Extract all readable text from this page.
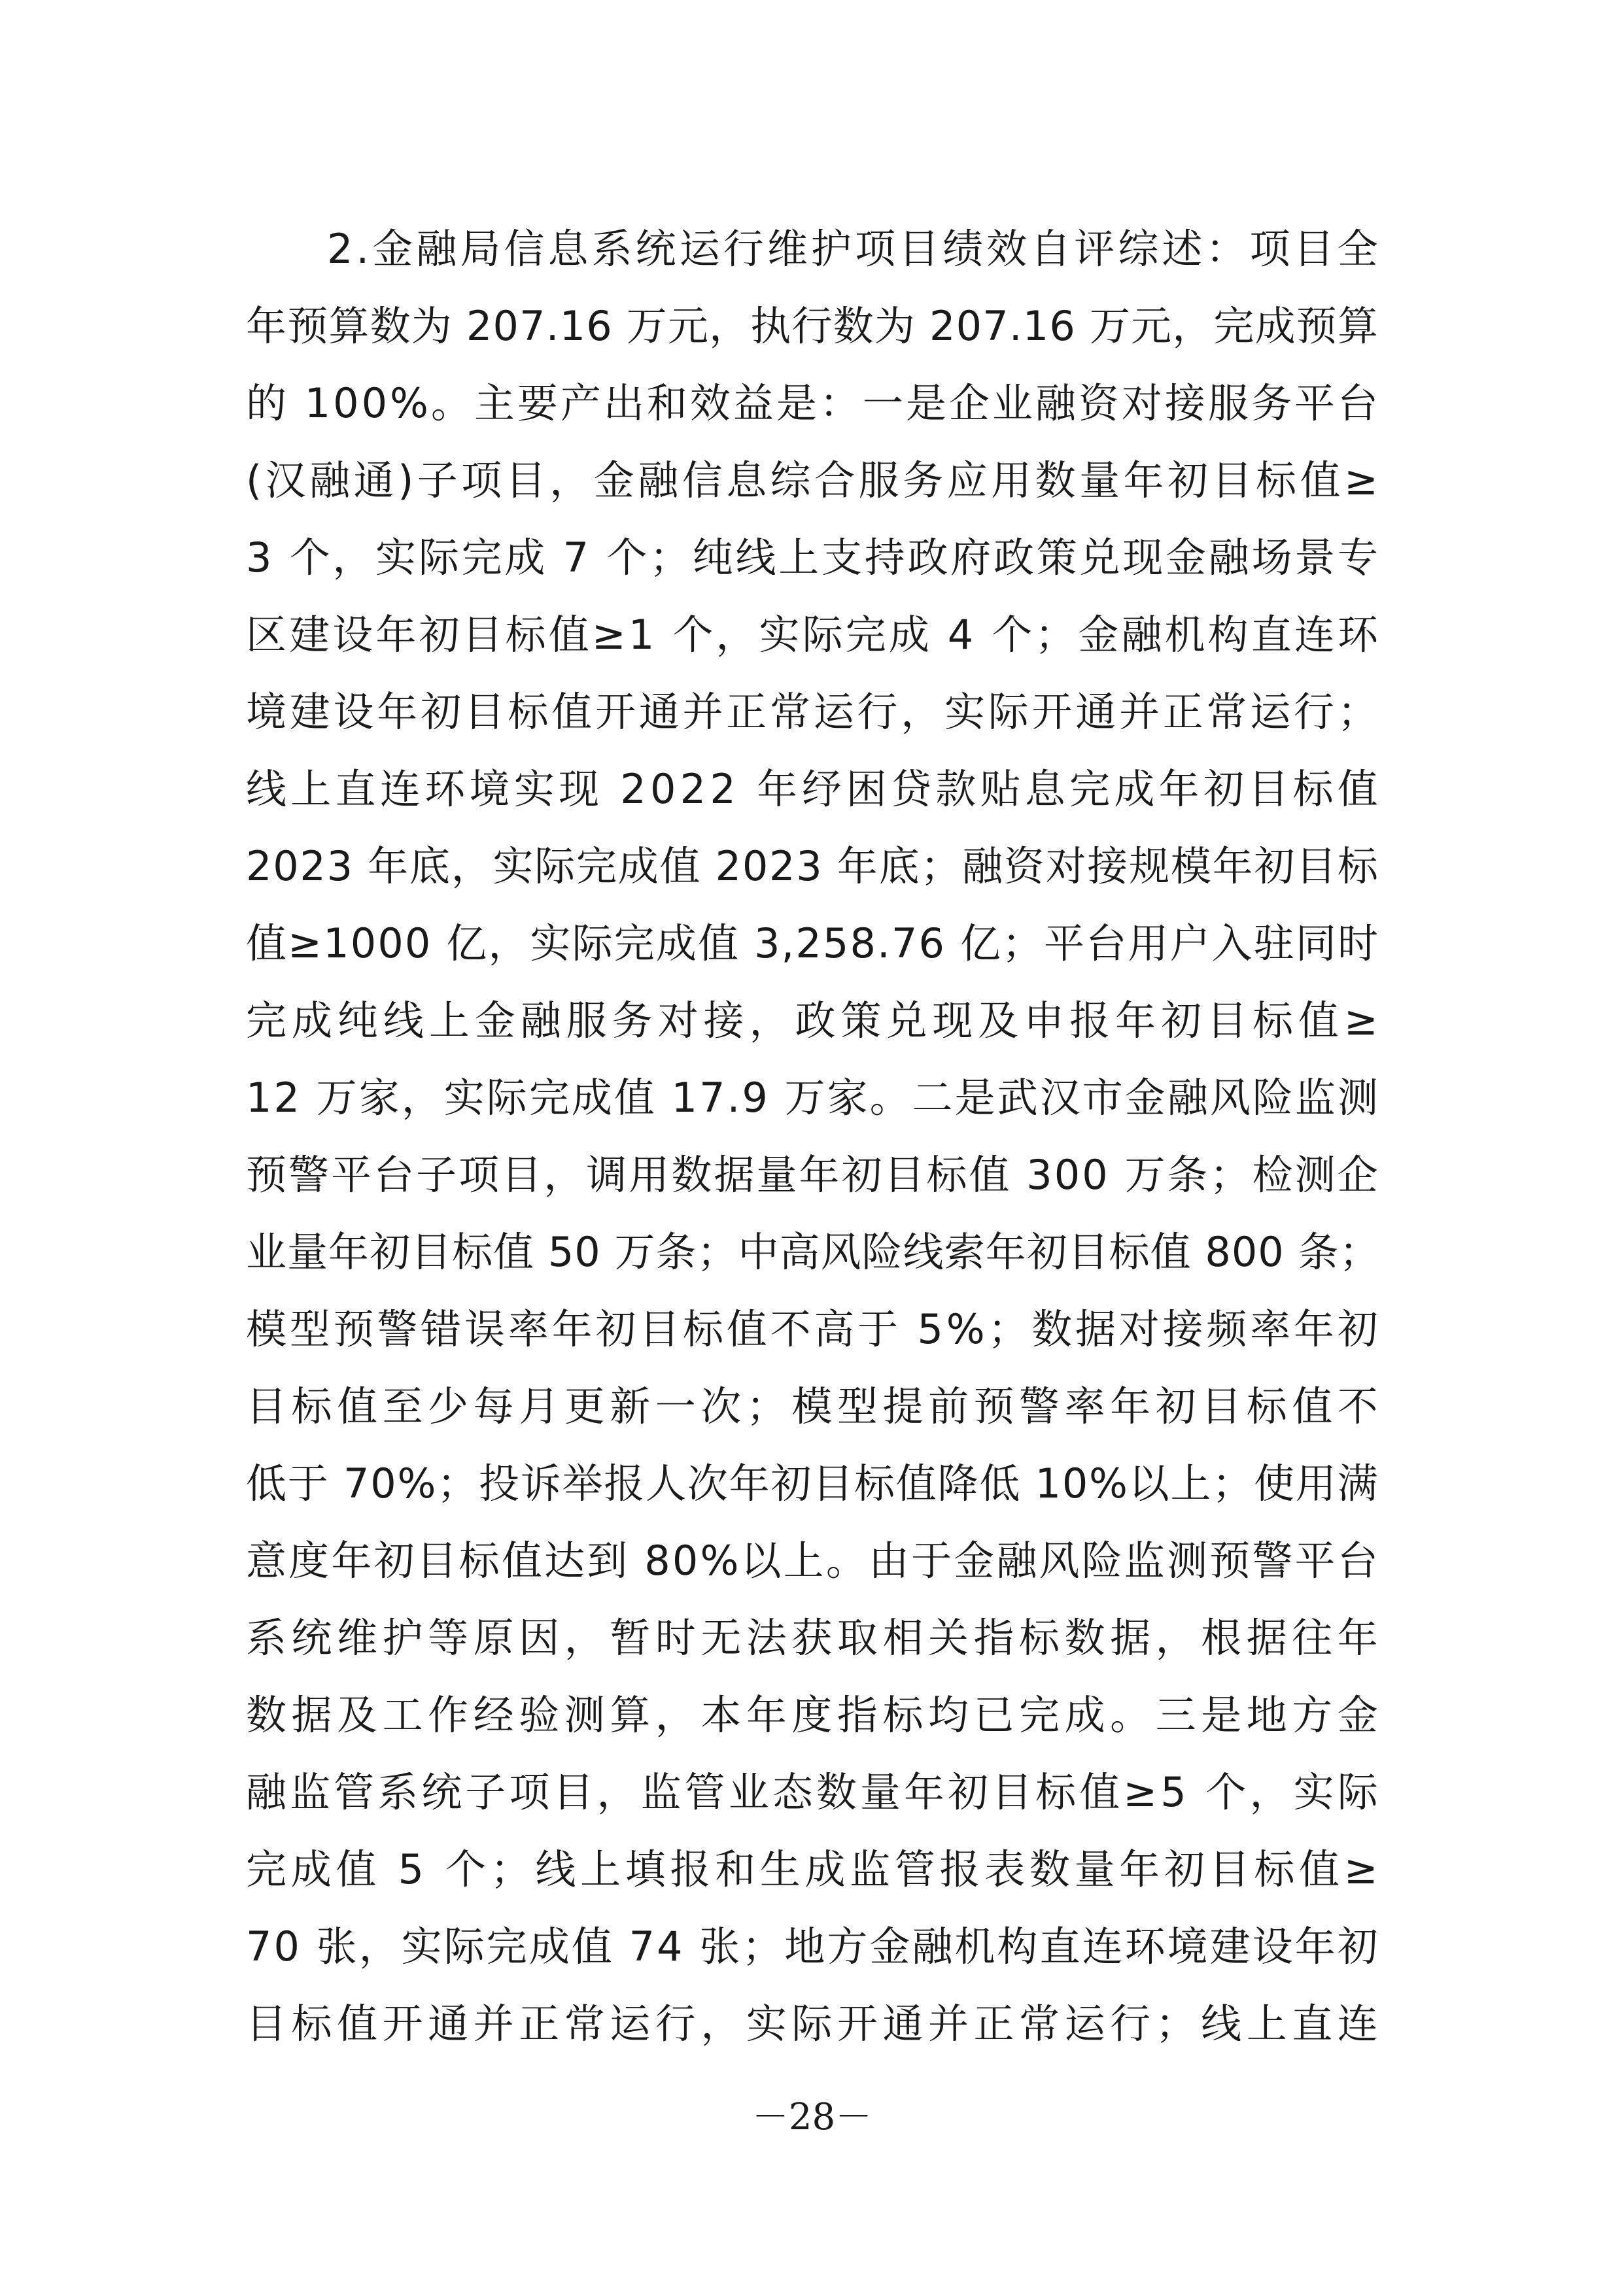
2 . 金 融 局 信 息 系 统 运 行 维 护 项 目 绩 效 自 评 综 述 ： 项 目 全
年 预 算 数 为
2 0 7 . 1 6
万 元 ， 执 行 数 为
2 0 7 . 1 6
万 元 ， 完 成 预 算
的
1 0 0 % 。 主 要 产 出 和 效 益 是 ： 一 是 企 业 融 资 对 接 服 务 平 台
( 汉 融 通 ) 子 项 目 ， 金 融 信 息 综 合 服 务 应 用 数 量 年 初 目 标 值 ≥
3
个 ， 实 际 完 成
7
个 ； 纯 线 上 支 持 政 府 政 策 兑 现 金 融 场 景 专
区 建 设 年 初 目 标 值 ≥ 1
个 ， 实 际 完 成
4
个 ； 金 融 机 构 直 连 环
境 建 设 年 初 目 标 值 开 通 并 正 常 运 行 ， 实 际 开 通 并 正 常 运 行 ；
线 上 直 连 环 境 实 现
2 0 2 2
年 纾 困 贷 款 贴 息 完 成 年 初 目 标 值
2 0 2 3
年 底 ， 实 际 完 成 值
2 0 2 3
年 底 ； 融 资 对 接 规 模 年 初 目 标
值 ≥ 1 0 0 0
亿 ， 实 际 完 成 值
3 , 2 5 8 . 7 6
亿 ； 平 台 用 户 入 驻 同 时
完 成 纯 线 上 金 融 服 务 对 接 ， 政 策 兑 现 及 申 报 年 初 目 标 值 ≥
1 2
万 家 ， 实 际 完 成 值
1 7 . 9
万 家 。 二 是 武 汉 市 金 融 风 险 监 测
预 警 平 台 子 项 目 ， 调 用 数 据 量 年 初 目 标 值
3 0 0
万 条 ； 检 测 企
业 量 年 初 目 标 值
5 0
万 条 ； 中 高 风 险 线 索 年 初 目 标 值
8 0 0
条 ；
模 型 预 警 错 误 率 年 初 目 标 值 不 高 于
5 % ； 数 据 对 接 频 率 年 初
目 标 值 至 少 每 月 更 新 一 次 ； 模 型 提 前 预 警 率 年 初 目 标 值 不
低 于
7 0 % ； 投 诉 举 报 人 次 年 初 目 标 值 降 低
1 0 % 以 上 ； 使 用 满
意 度 年 初 目 标 值 达 到
8 0 % 以 上 。 由 于 金 融 风 险 监 测 预 警 平 台
系 统 维 护 等 原 因 ， 暂 时 无 法 获 取 相 关 指 标 数 据 ， 根 据 往 年
数 据 及 工 作 经 验 测 算 ， 本 年 度 指 标 均 已 完 成 。 三 是 地 方 金
融 监 管 系 统 子 项 目 ， 监 管 业 态 数 量 年 初 目 标 值 ≥ 5
个 ， 实 际
完 成 值
5
个 ； 线 上 填 报 和 生 成 监 管 报 表 数 量 年 初 目 标 值 ≥
7 0
张 ， 实 际 完 成 值
7 4
张 ； 地 方 金 融 机 构 直 连 环 境 建 设 年 初
目 标 值 开 通 并 正 常 运 行 ， 实 际 开 通 并 正 常 运 行 ； 线 上 直 连
－28－
